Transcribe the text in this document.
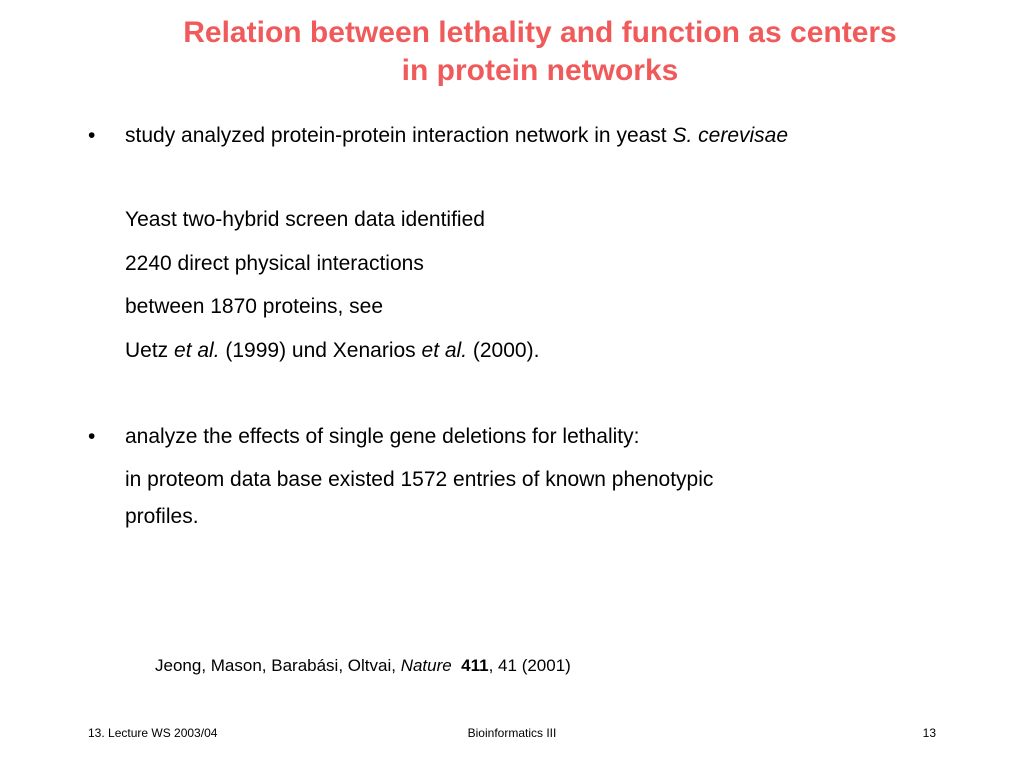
Relation between lethality and function as centers
in protein networks
• study analyzed protein-protein interaction network in yeast S. cerevisae
Yeast two-hybrid screen data identified
2240 direct physical interactions
between 1870 proteins, see
Uetz et al. (1999) und Xenarios et al. (2000).
• analyze the effects of single gene deletions for lethality:
in proteom data base existed 1572 entries of known phenotypic
profiles.
Jeong, Mason, Barabási, Oltvai, Nature 411, 41 (2001)
13. Lecture WS 2003/04	Bioinformatics III	13
